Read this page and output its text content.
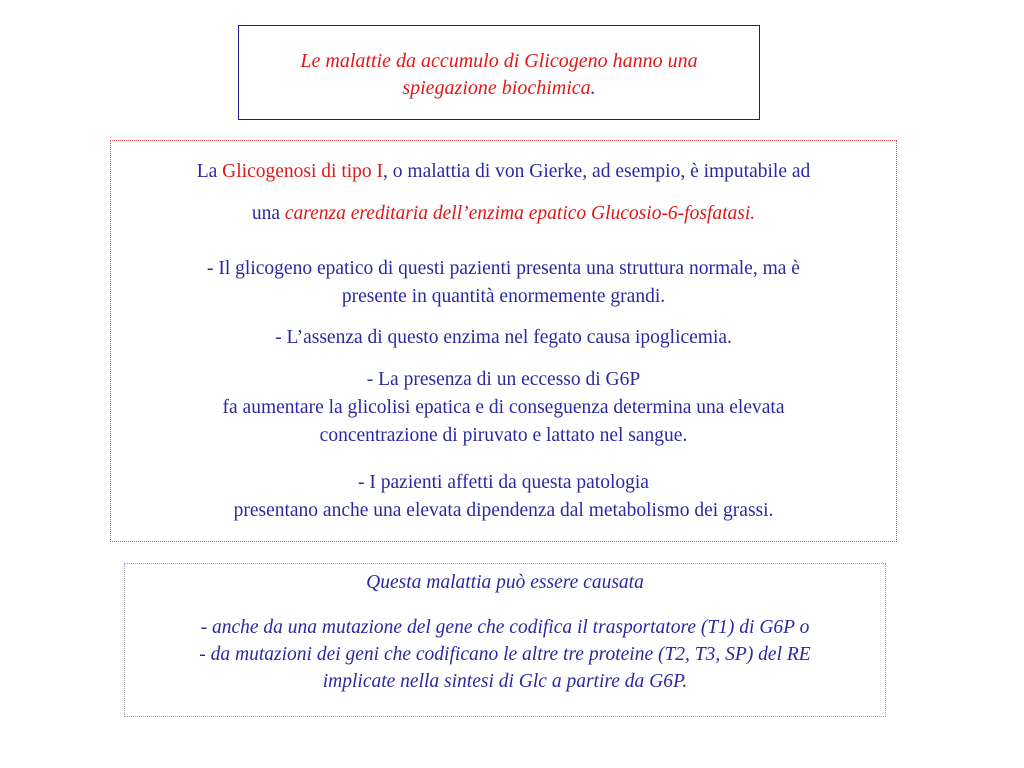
Le malattie da accumulo di Glicogeno hanno una
spiegazione biochimica.

La Glicogenosi di tipo I, o malattia di von Gierke, ad esempio, è imputabile ad

una carenza ereditaria dell’enzima epatico Glucosio-6-fosfatasi.

- Il glicogeno epatico di questi pazienti presenta una struttura normale, ma è
presente in quantità enormemente grandi.

- L’assenza di questo enzima nel fegato causa ipoglicemia.

- La presenza di un eccesso di G6P
fa aumentare la glicolisi epatica e di conseguenza determina una elevata
concentrazione di piruvato e lattato nel sangue.

- I pazienti affetti da questa patologia
presentano anche una elevata dipendenza dal metabolismo dei grassi.

Questa malattia può essere causata

- anche da una mutazione del gene che codifica il trasportatore (T1) di G6P o
- da mutazioni dei geni che codificano le altre tre proteine (T2, T3, SP) del RE
implicate nella sintesi di Glc a partire da G6P.
